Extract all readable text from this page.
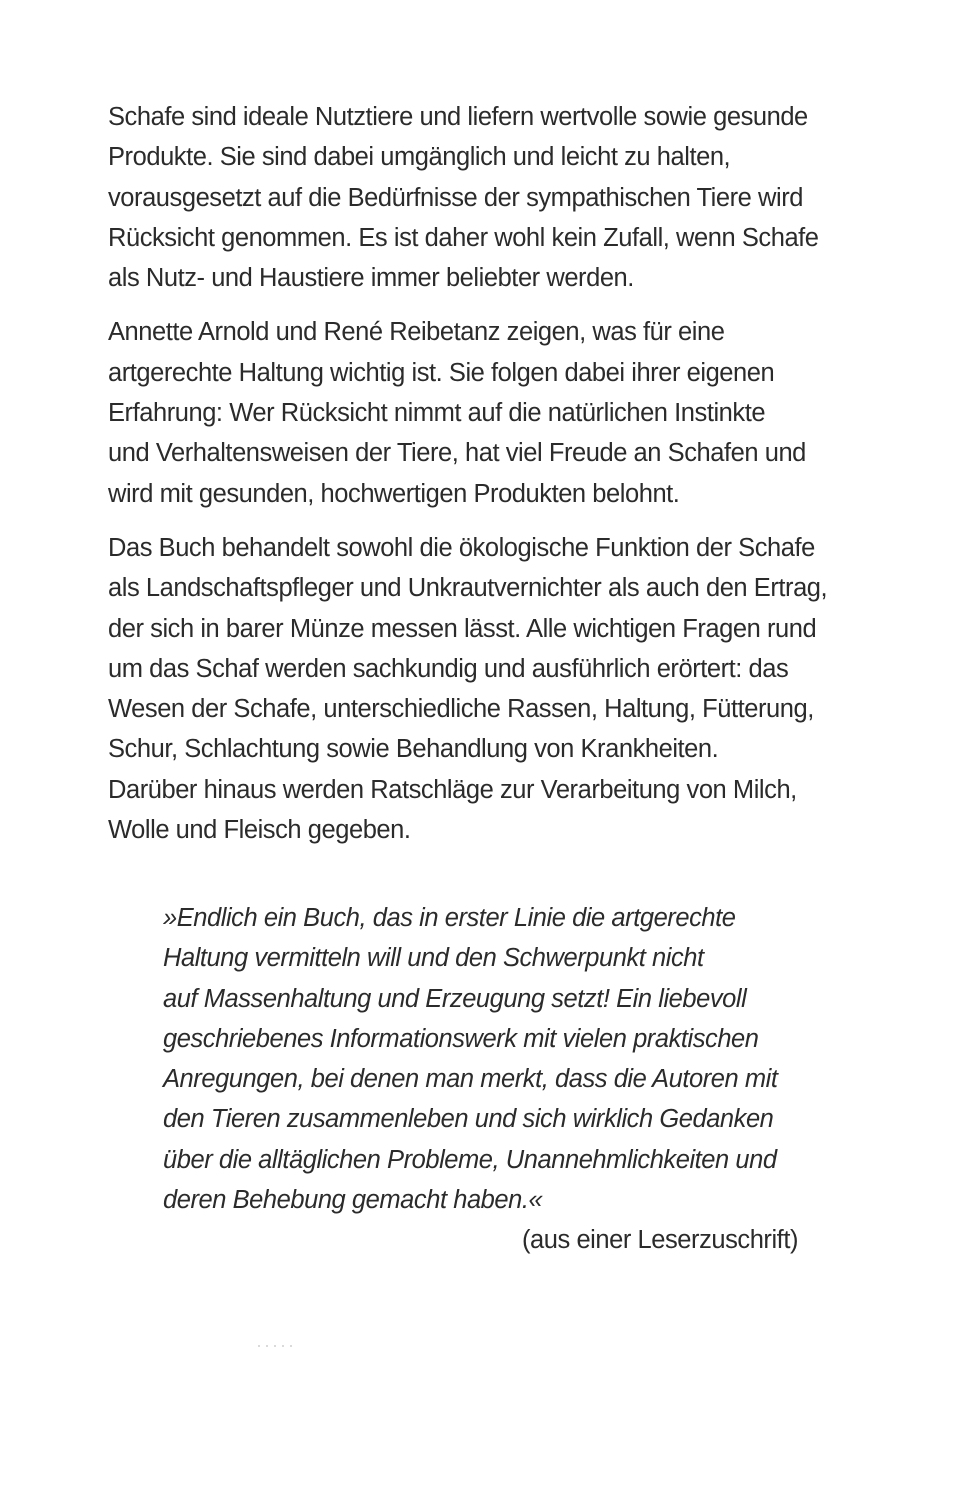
Schafe sind ideale Nutztiere und liefern wertvolle sowie gesunde
Produkte. Sie sind dabei umgänglich und leicht zu halten,
vorausgesetzt auf die Bedürfnisse der sympathischen Tiere wird
Rücksicht genommen. Es ist daher wohl kein Zufall, wenn Schafe
als Nutz- und Haustiere immer beliebter werden.

Annette Arnold und René Reibetanz zeigen, was für eine
artgerechte Haltung wichtig ist. Sie folgen dabei ihrer eigenen
Erfahrung: Wer Rücksicht nimmt auf die natürlichen Instinkte
und Verhaltensweisen der Tiere, hat viel Freude an Schafen und
wird mit gesunden, hochwertigen Produkten belohnt.

Das Buch behandelt sowohl die ökologische Funktion der Schafe
als Landschaftspfleger und Unkrautvernichter als auch den Ertrag,
der sich in barer Münze messen lässt. Alle wichtigen Fragen rund
um das Schaf werden sachkundig und ausführlich erörtert: das
Wesen der Schafe, unterschiedliche Rassen, Haltung, Fütterung,
Schur, Schlachtung sowie Behandlung von Krankheiten.
Darüber hinaus werden Ratschläge zur Verarbeitung von Milch,
Wolle und Fleisch gegeben.

»Endlich ein Buch, das in erster Linie die artgerechte
Haltung vermitteln will und den Schwerpunkt nicht
auf Massenhaltung und Erzeugung setzt! Ein liebevoll
geschriebenes Informationswerk mit vielen praktischen
Anregungen, bei denen man merkt, dass die Autoren mit
den Tieren zusammenleben und sich wirklich Gedanken
über die alltäglichen Probleme, Unannehmlichkeiten und
deren Behebung gemacht haben.«
(aus einer Leserzuschrift)
